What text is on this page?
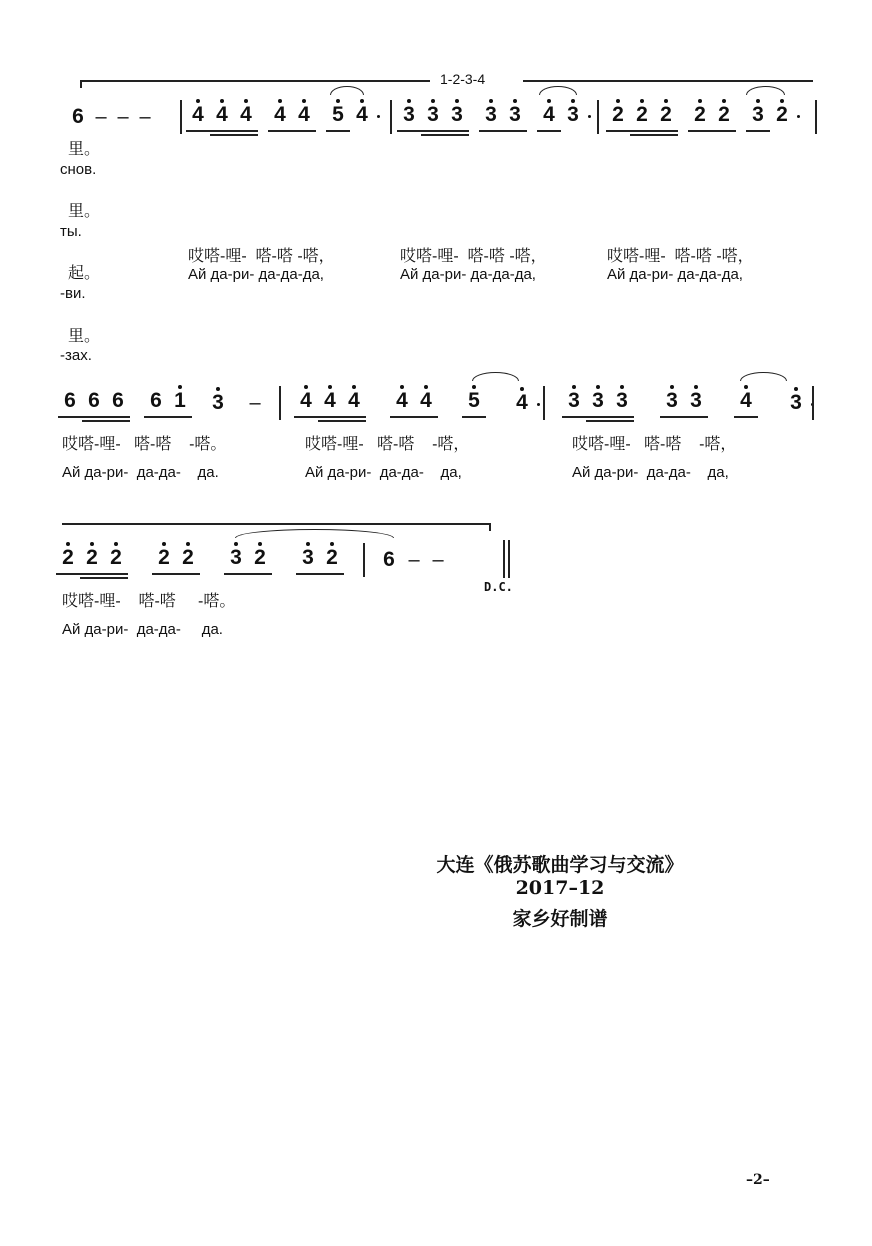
6 – – – 4 4 4 4 4 5 4 3 3 3 3 3 4 3 2 2 2 2 2 3 2
哎嗒-哩-  嗒-嗒 -嗒，
Ай да-ри- да-да-да,
哎嗒-哩-  嗒-嗒 -嗒，
Ай да-ри- да-да-да,
哎嗒-哩-  嗒-嗒 -嗒，
Ай да-ри- да-да-да,
6 6 6 6 1 3	– 4 4 4 4 4 5 4 3 3 3 3 3 4 3
哎嗒-哩-   嗒-嗒    -嗒。
Ай да-ри-  да-да-    да.
哎嗒-哩-   嗒-嗒    -嗒，
Ай да-ри-  да-да-    да,
哎嗒-哩-   嗒-嗒    -嗒，
Ай да-ри-  да-да-    да,
2 2 2 2 2 3 2 3 2 6 – –
哎嗒-哩-    嗒-嗒     -嗒。
Ай да-ри-  да-да-     да.
1-2-3-4
D.C.
里。
снов.
里。
ты.
起。
-ви.
里。
-зах.
大连《俄苏歌曲学习与交流》
2017–12
家乡好制谱
–2–
